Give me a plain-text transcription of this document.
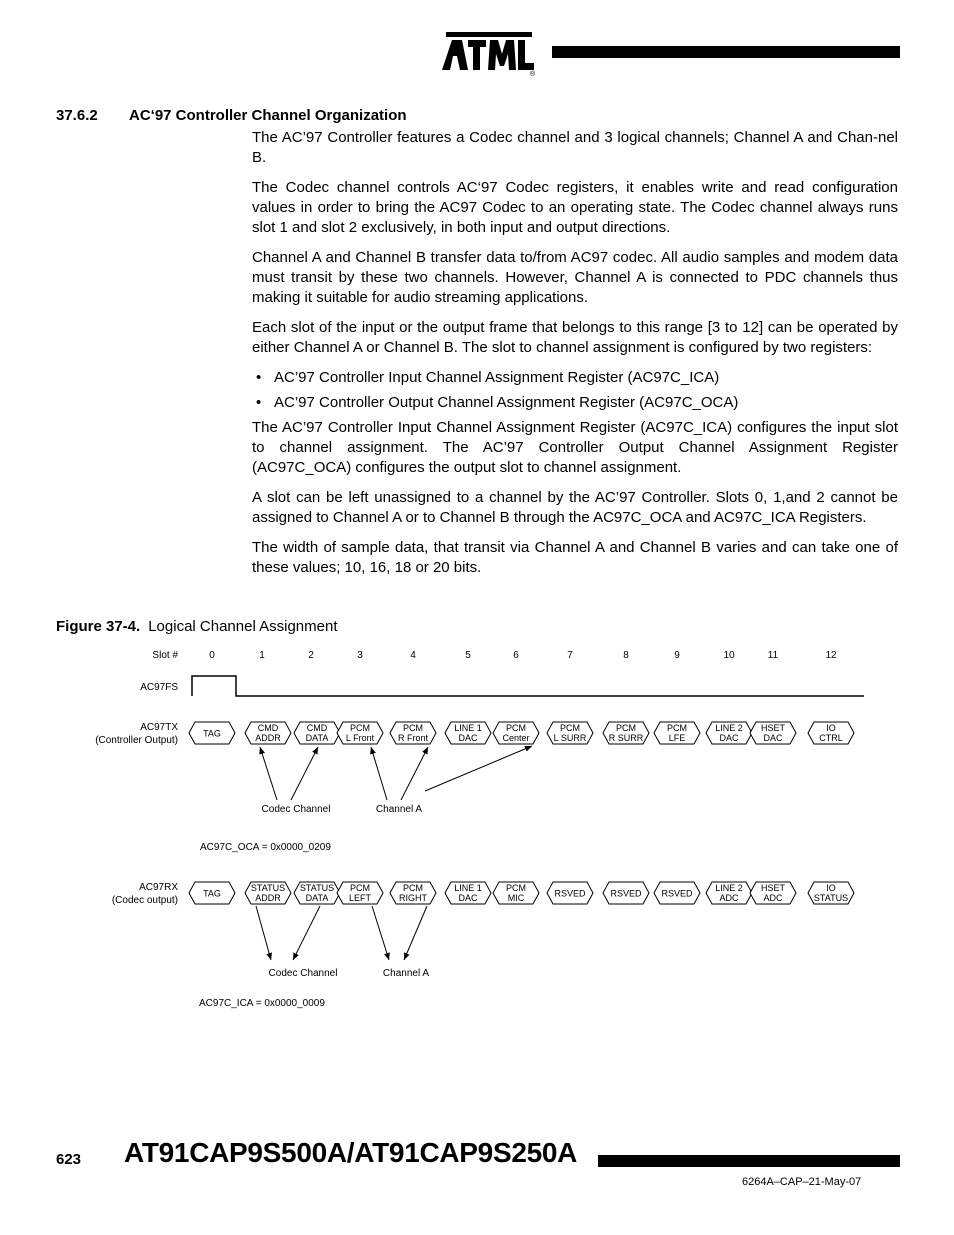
®
37.6.2 AC‘97 Controller Channel Organization

The AC’97 Controller features a Codec channel and 3 logical channels; Channel A and Chan-nel B.

The Codec channel controls AC‘97 Codec registers, it enables write and read configuration values in order to bring the AC97 Codec to an operating state. The Codec channel always runs slot 1 and slot 2 exclusively, in both input and output directions.

Channel A and Channel B transfer data to/from AC97 codec. All audio samples and modem data must transit by these two channels. However, Channel A is connected to PDC channels thus making it suitable for audio streaming applications.

Each slot of the input or the output frame that belongs to this range [3 to 12] can be operated by either Channel A or Channel B. The slot to channel assignment is configured by two registers:

• AC’97 Controller Input Channel Assignment Register (AC97C_ICA)
• AC’97 Controller Output Channel Assignment Register (AC97C_OCA)

The AC’97 Controller Input Channel Assignment Register (AC97C_ICA) configures the input slot to channel assignment. The AC’97 Controller Output Channel Assignment Register (AC97C_OCA) configures the output slot to channel assignment.

A slot can be left unassigned to a channel by the AC’97 Controller. Slots 0, 1,and 2 cannot be assigned to Channel A or to Channel B through the AC97C_OCA and AC97C_ICA Registers.

The width of sample data, that transit via Channel A and Channel B varies and can take one of these values; 10, 16, 18 or 20 bits.

Figure 37-4. Logical Channel Assignment
Slot #	0	1	2	3	4	5	6	7	8	9	10	11	12
AC97FS
AC97TX
(Controller Output)
TAG
CMD
ADDR
CMD
DATA
PCM
L Front
PCM
R Front
LINE 1
DAC
PCM
Center
PCM
L SURR
PCM
R SURR
PCM
LFE
LINE 2
DAC
HSET
DAC
IO
CTRL
Codec Channel	Channel A
AC97C_OCA = 0x0000_0209
AC97RX
(Codec output)
TAG
STATUS
ADDR
STATUS
DATA
PCM
LEFT
PCM
RIGHT
LINE 1
DAC
PCM
MIC	RSVED	RSVED RSVED
LINE 2
ADC
HSET
ADC
IO
STATUS
Codec Channel	Channel A
AC97C_ICA = 0x0000_0009
623 AT91CAP9S500A/AT91CAP9S250A
6264A–CAP–21-May-07
